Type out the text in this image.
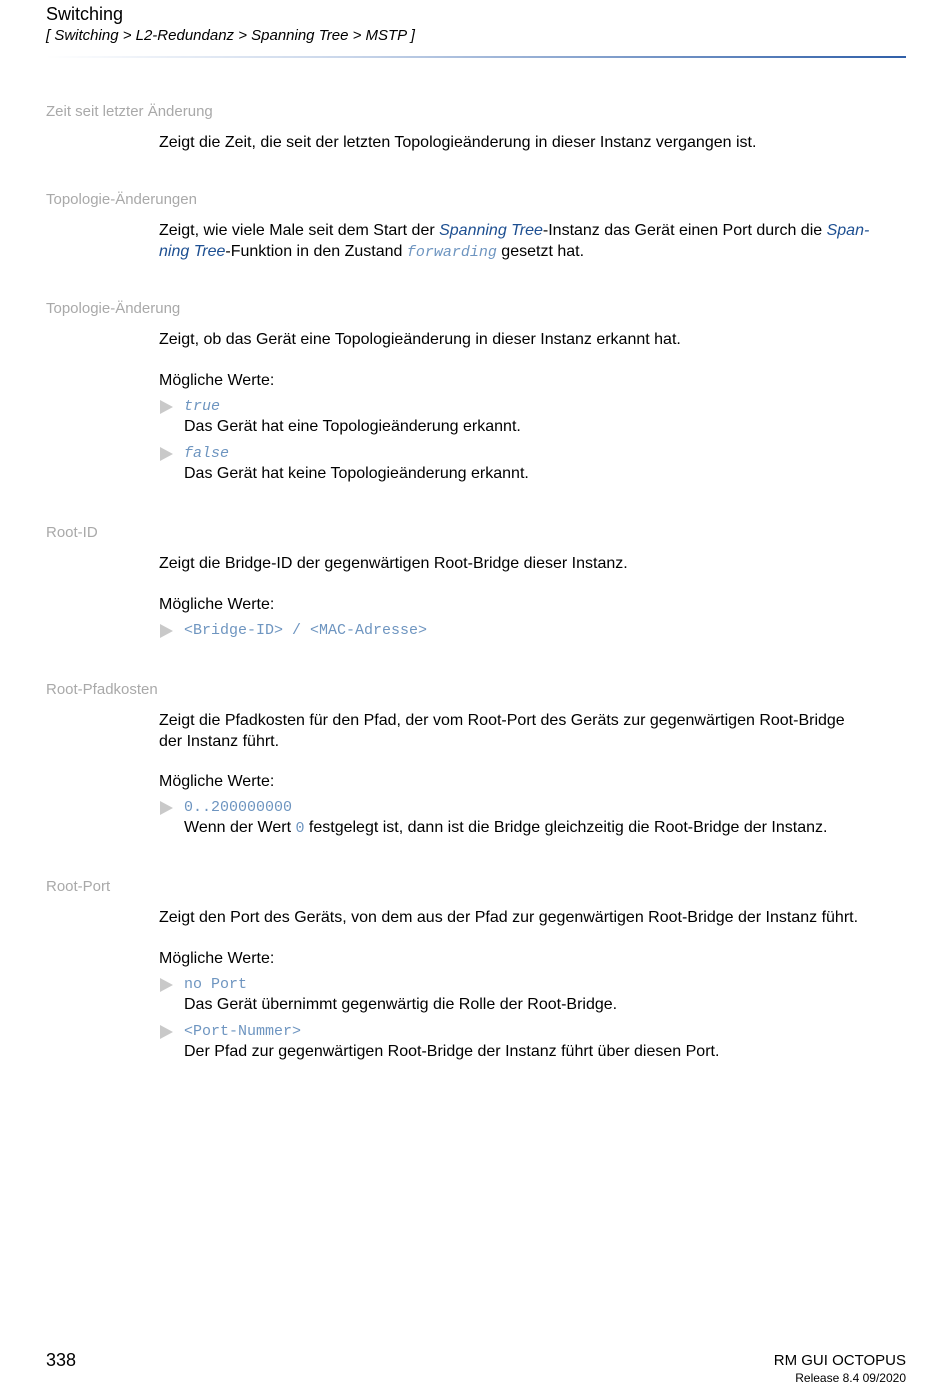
Switching
[ Switching > L2-Redundanz > Spanning Tree > MSTP ]
Zeit seit letzter Änderung
Zeigt die Zeit, die seit der letzten Topologieänderung in dieser Instanz vergangen ist.
Topologie-Änderungen
Zeigt, wie viele Male seit dem Start der Spanning Tree-Instanz das Gerät einen Port durch die Span-
ning Tree-Funktion in den Zustand forwarding gesetzt hat.
Topologie-Änderung
Zeigt, ob das Gerät eine Topologieänderung in dieser Instanz erkannt hat.
Mögliche Werte:
true
Das Gerät hat eine Topologieänderung erkannt.
false
Das Gerät hat keine Topologieänderung erkannt.
Root-ID
Zeigt die Bridge-ID der gegenwärtigen Root-Bridge dieser Instanz.
Mögliche Werte:
<Bridge-ID> / <MAC-Adresse>
Root-Pfadkosten
Zeigt die Pfadkosten für den Pfad, der vom Root-Port des Geräts zur gegenwärtigen Root-Bridge
der Instanz führt.
Mögliche Werte:
0..200000000
Wenn der Wert 0 festgelegt ist, dann ist die Bridge gleichzeitig die Root-Bridge der Instanz.
Root-Port
Zeigt den Port des Geräts, von dem aus der Pfad zur gegenwärtigen Root-Bridge der Instanz führt.
Mögliche Werte:
no Port
Das Gerät übernimmt gegenwärtig die Rolle der Root-Bridge.
<Port-Nummer>
Der Pfad zur gegenwärtigen Root-Bridge der Instanz führt über diesen Port.
338	RM GUI OCTOPUS
Release 8.4 09/2020
